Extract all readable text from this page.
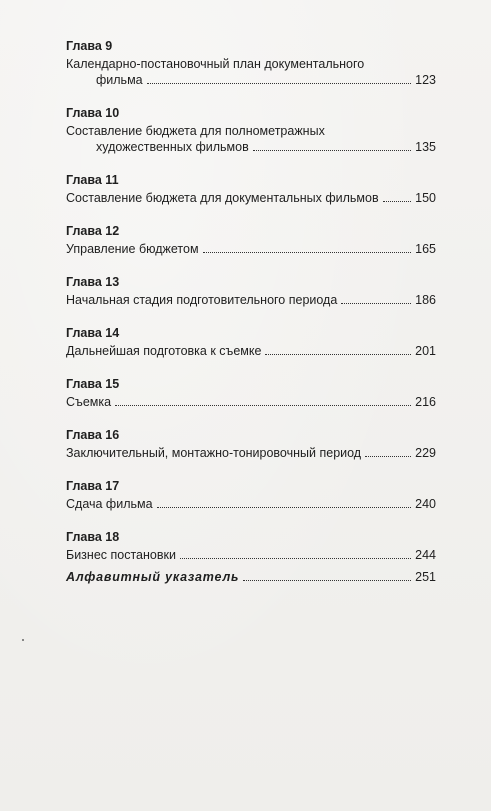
Глава 9
Календарно-постановочный план документального
фильма	123
Глава 10
Составление бюджета для полнометражных
художественных фильмов	135
Глава 11
Составление бюджета для документальных фильмов	150
Глава 12
Управление бюджетом	165
Глава 13
Начальная стадия подготовительного периода	186
Глава 14
Дальнейшая подготовка к съемке	201
Глава 15
Съемка	216
Глава 16
Заключительный, монтажно-тонировочный период	229
Глава 17
Сдача фильма	240
Глава 18
Бизнес постановки	244
Алфавитный указатель	251
